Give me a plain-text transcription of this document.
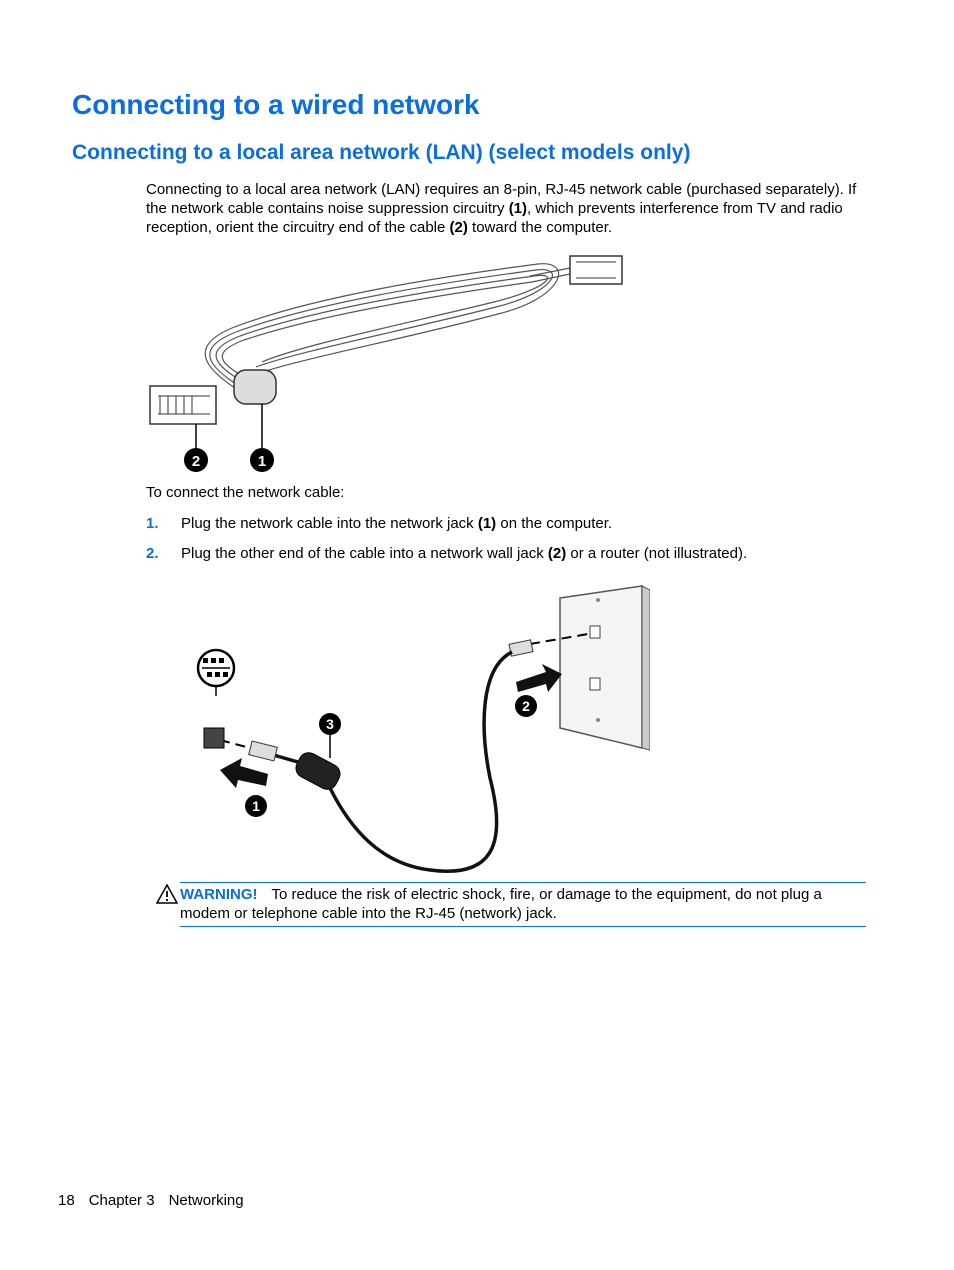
Connecting to a wired network
Connecting to a local area network (LAN) (select models only)

Connecting to a local area network (LAN) requires an 8-pin, RJ-45 network cable (purchased separately). If the network cable contains noise suppression circuitry (1), which prevents interference from TV and radio reception, orient the circuitry end of the cable (2) toward the computer.

2	1

To connect the network cable:

1. Plug the network cable into the network jack (1) on the computer.
2. Plug the other end of the cable into a network wall jack (2) or a router (not illustrated).
2
1
3
WARNING! To reduce the risk of electric shock, fire, or damage to the equipment, do not plug a modem or telephone cable into the RJ-45 (network) jack.
18 Chapter 3 Networking
